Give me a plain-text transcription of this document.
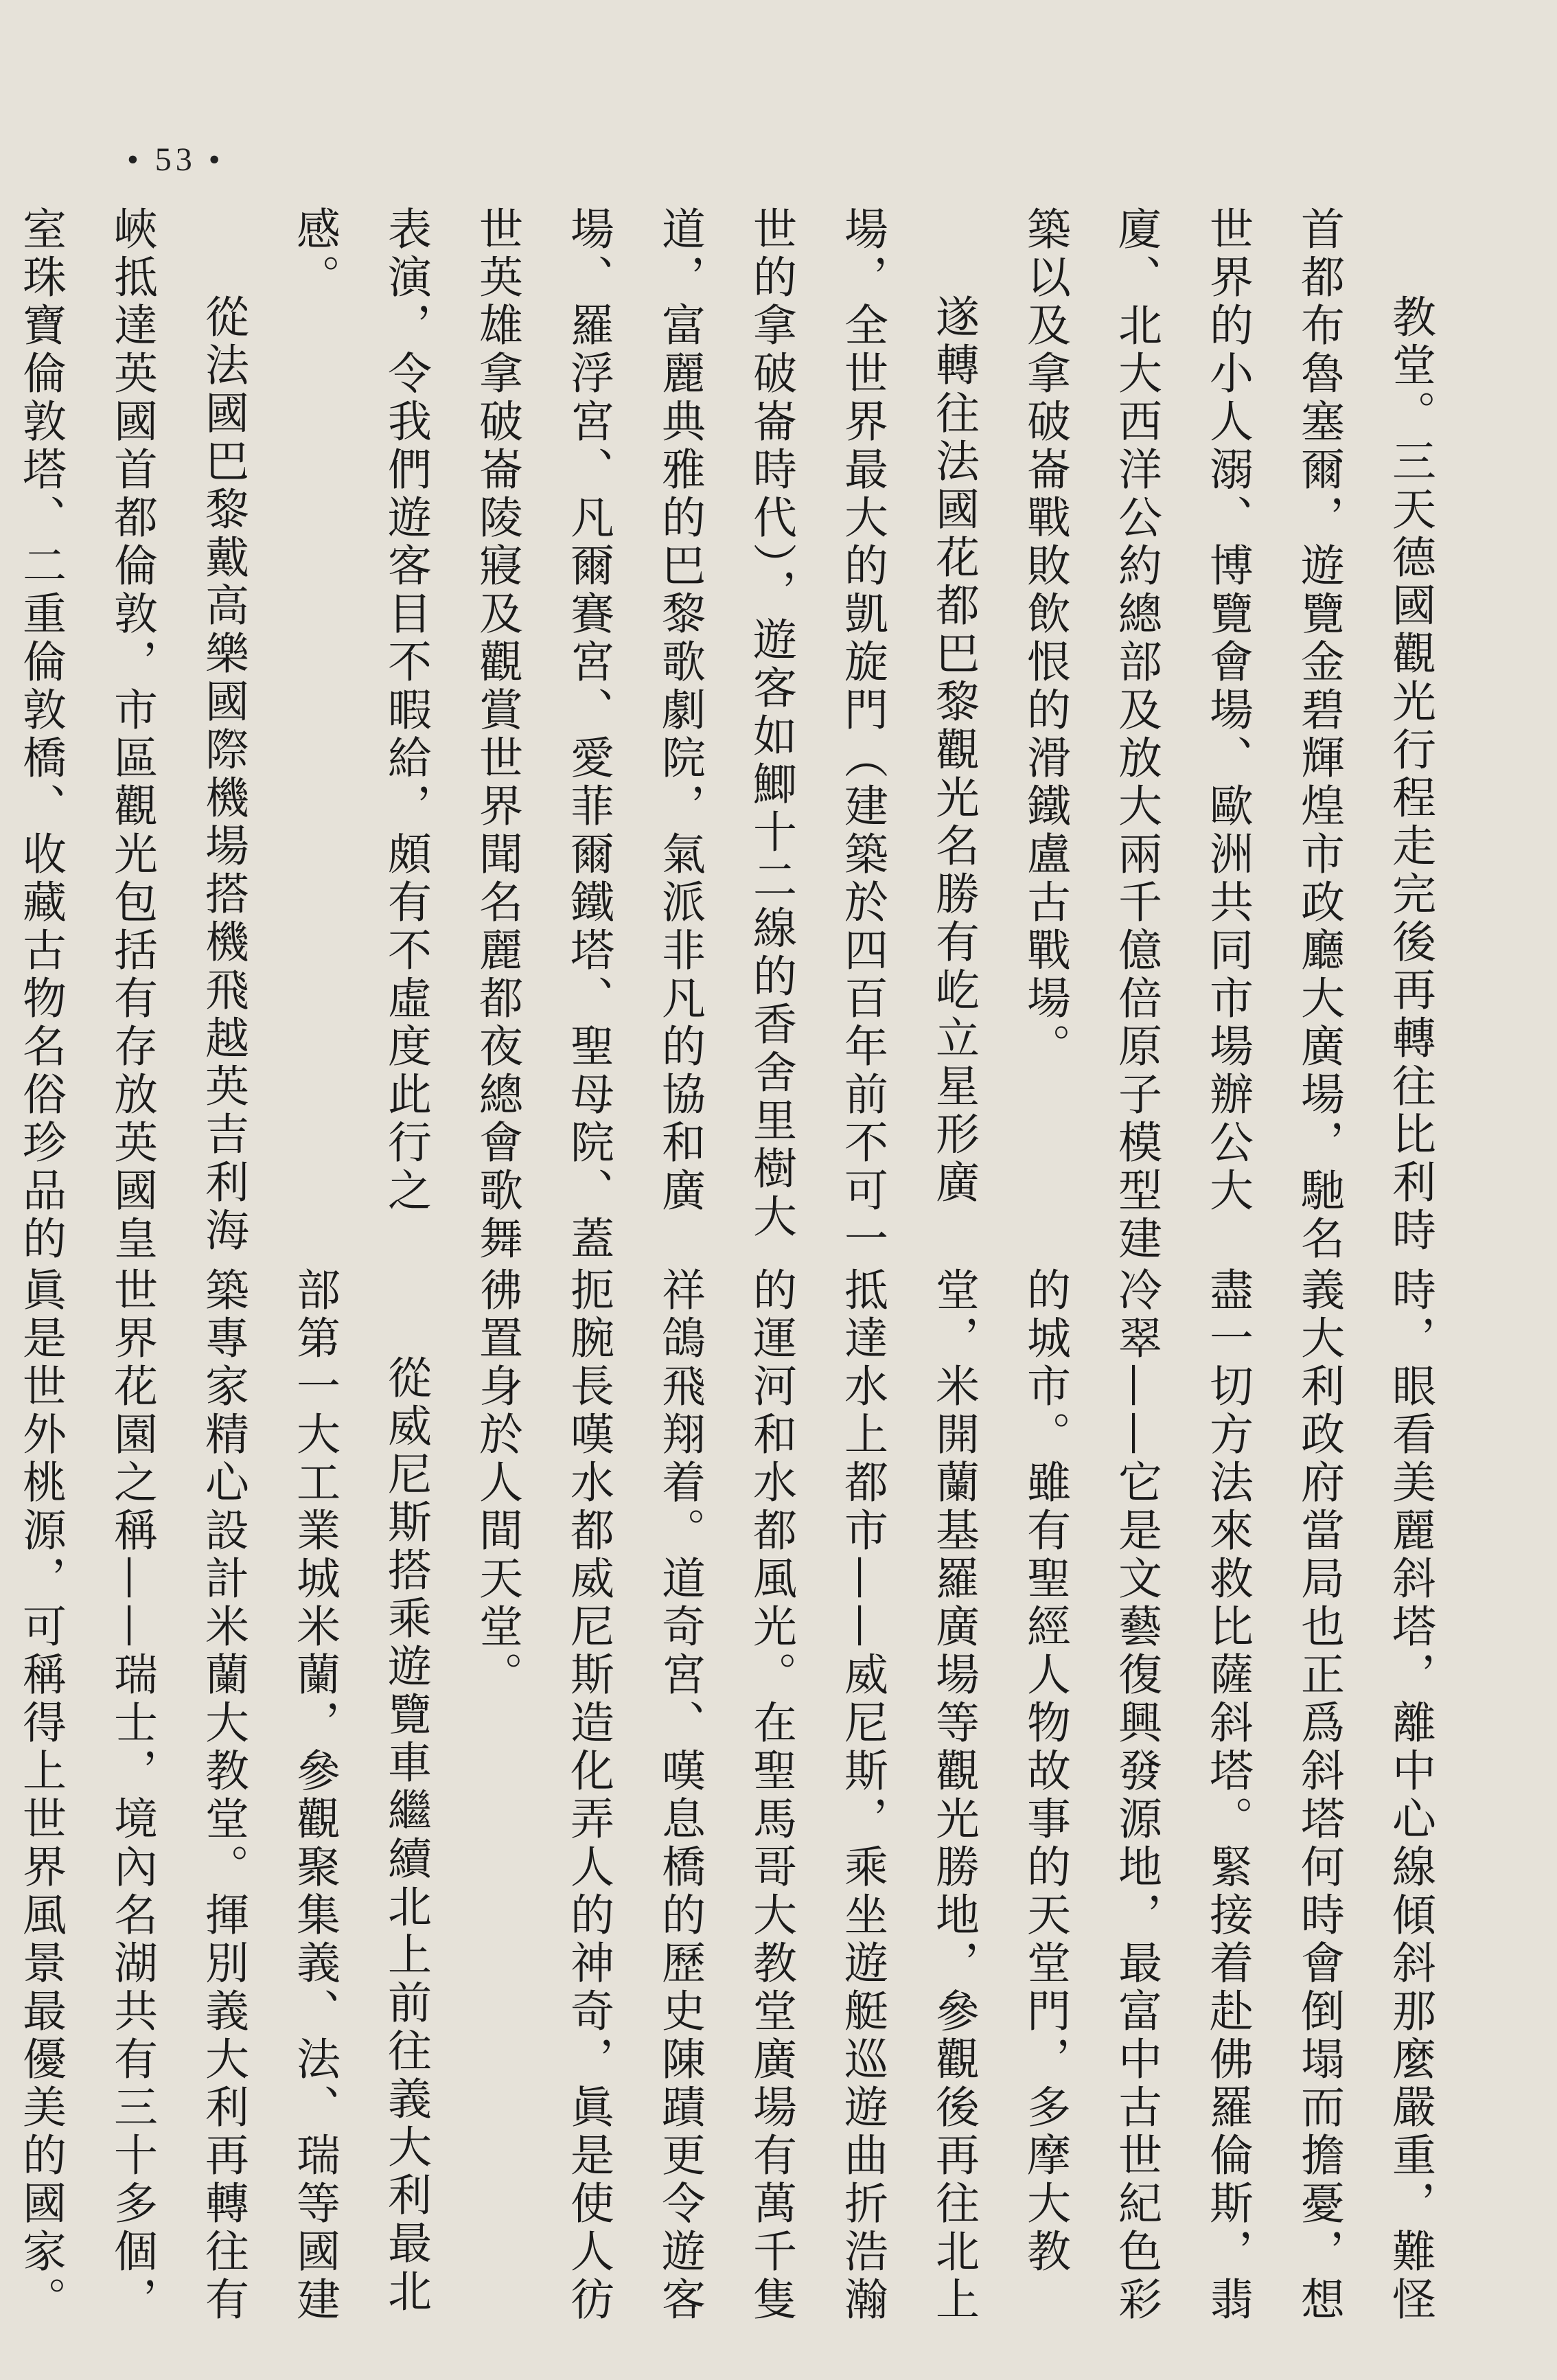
• 53 •

教堂。三天德國觀光行程走完後再轉往比利時首都布魯塞爾，遊覽金碧輝煌市政廳大廣場，馳名世界的小人溺、博覽會場、歐洲共同市場辦公大廈、北大西洋公約總部及放大兩千億倍原子模型建築以及拿破崙戰敗飲恨的滑鐵盧古戰場。

遂轉往法國花都巴黎觀光名勝有屹立星形廣場，全世界最大的凱旋門（建築於四百年前不可一世的拿破崙時代），遊客如鯽十二線的香舍里樹大道，富麗典雅的巴黎歌劇院，氣派非凡的協和廣場、羅浮宮、凡爾賽宮、愛菲爾鐵塔、聖母院、蓋世英雄拿破崙陵寢及觀賞世界聞名麗都夜總會歌舞表演，令我們遊客目不暇給，頗有不虛度此行之感。

從法國巴黎戴高樂國際機場搭機飛越英吉利海峽抵達英國首都倫敦，市區觀光包括有存放英國皇室珠寶倫敦塔、二重倫敦橋、收藏古物名俗珍品的

時，眼看美麗斜塔，離中心線傾斜那麼嚴重，難怪義大利政府當局也正爲斜塔何時會倒塌而擔憂，想盡一切方法來救比薩斜塔。緊接着赴佛羅倫斯，翡冷翠——它是文藝復興發源地，最富中古世紀色彩的城市。雖有聖經人物故事的天堂門，多摩大教堂，米開蘭基羅廣場等觀光勝地，參觀後再往北上抵達水上都市——威尼斯，乘坐遊艇巡遊曲折浩瀚的運河和水都風光。在聖馬哥大教堂廣場有萬千隻祥鴿飛翔着。道奇宮、嘆息橋的歷史陳蹟更令遊客扼腕長嘆水都威尼斯造化弄人的神奇，眞是使人彷彿置身於人間天堂。

從威尼斯搭乘遊覽車繼續北上前往義大利最北部第一大工業城米蘭，參觀聚集義、法、瑞等國建築專家精心設計米蘭大教堂。揮別義大利再轉往有世界花園之稱——瑞士，境內名湖共有三十多個，眞是世外桃源，可稱得上世界風景最優美的國家。
